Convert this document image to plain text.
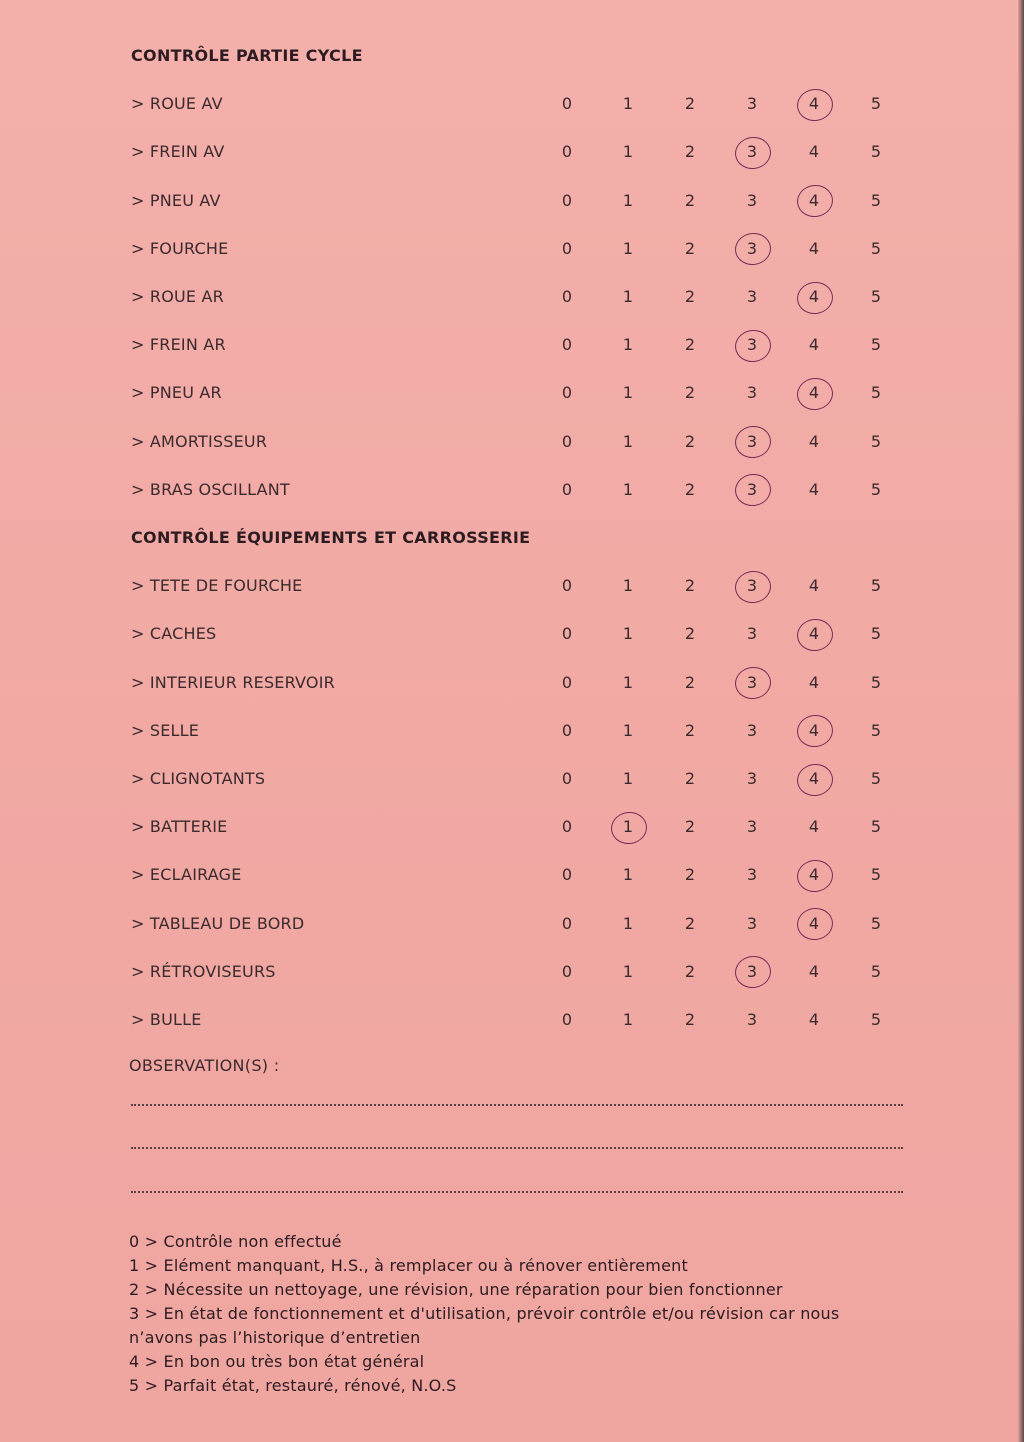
CONTRÔLE PARTIE CYCLE
> ROUE AV	0	1	2	3	4	5
> FREIN AV	0	1	2	3	4	5
> PNEU AV	0	1	2	3	4	5
> FOURCHE	0	1	2	3	4	5
> ROUE AR	0	1	2	3	4	5
> FREIN AR	0	1	2	3	4	5
> PNEU AR	0	1	2	3	4	5
> AMORTISSEUR	0	1	2	3	4	5
> BRAS OSCILLANT	0	1	2	3	4	5
CONTRÔLE ÉQUIPEMENTS ET CARROSSERIE
> TETE DE FOURCHE	0	1	2	3	4	5
> CACHES	0	1	2	3	4	5
> INTERIEUR RESERVOIR	0	1	2	3	4	5
> SELLE	0	1	2	3	4	5
> CLIGNOTANTS	0	1	2	3	4	5
> BATTERIE	0	1	2	3	4	5
> ECLAIRAGE	0	1	2	3	4	5
> TABLEAU DE BORD	0	1	2	3	4	5
> RÉTROVISEURS	0	1	2	3	4	5
> BULLE	0	1	2	3	4	5
OBSERVATION(S) :
0 > Contrôle non effectué
1 > Elément manquant, H.S., à remplacer ou à rénover entièrement
2 > Nécessite un nettoyage, une révision, une réparation pour bien fonctionner
3 > En état de fonctionnement et d'utilisation, prévoir contrôle et/ou révision car nous
n’avons pas l’historique d’entretien
4 > En bon ou très bon état général
5 > Parfait état, restauré, rénové, N.O.S
